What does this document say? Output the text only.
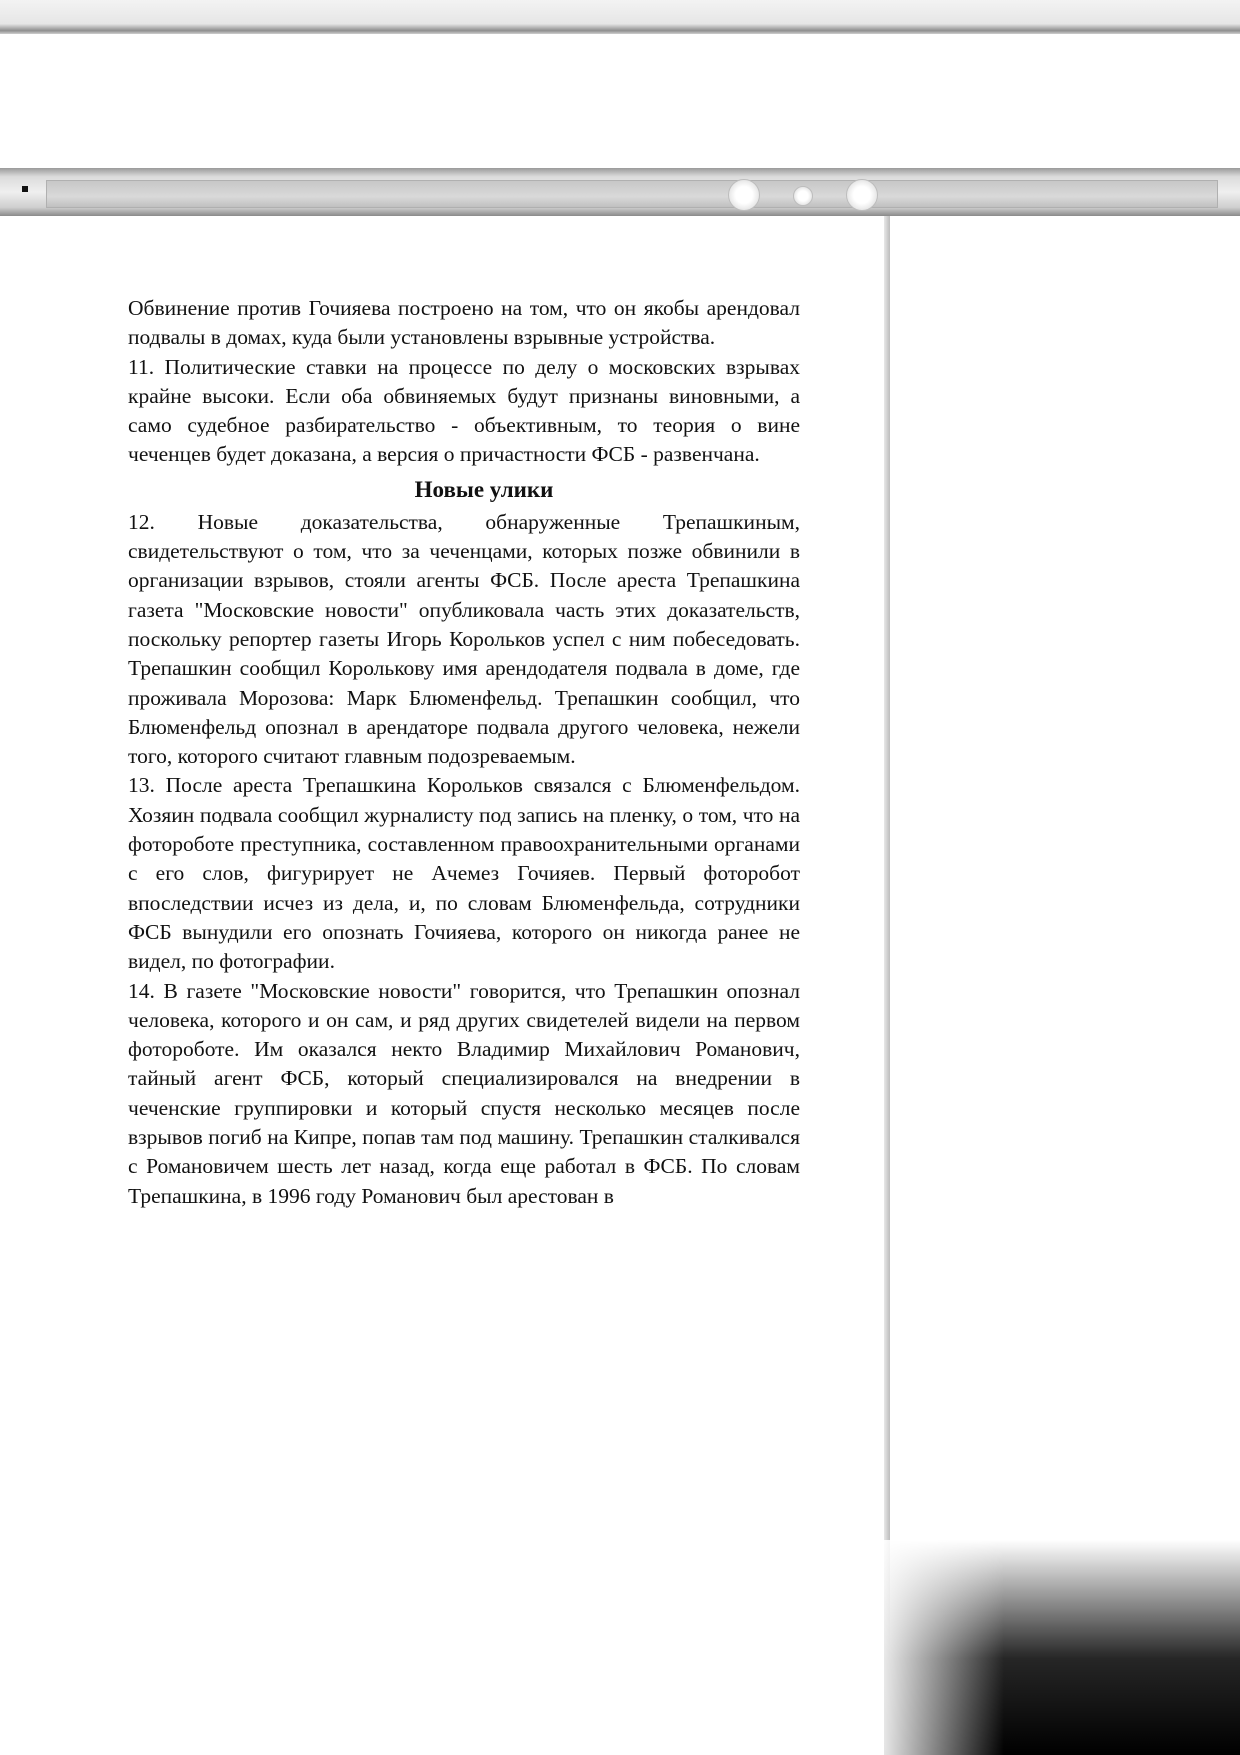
Обвинение против Гочияева построено на том, что он якобы арендовал подвалы в домах, куда были установлены взрывные устройства.

11. Политические ставки на процессе по делу о московских взрывах крайне высоки. Если оба обвиняемых будут признаны виновными, а само судебное разбирательство - объективным, то теория о вине чеченцев будет доказана, а версия о причастности ФСБ - развенчана.

Новые улики

12. Новые доказательства, обнаруженные Трепашкиным, свидетельствуют о том, что за чеченцами, которых позже обвинили в организации взрывов, стояли агенты ФСБ. После ареста Трепашкина газета "Московские новости" опубликовала часть этих доказательств, поскольку репортер газеты Игорь Корольков успел с ним побеседовать. Трепашкин сообщил Королькову имя арендодателя подвала в доме, где проживала Морозова: Марк Блюменфельд. Трепашкин сообщил, что Блюменфельд опознал в арендаторе подвала другого человека, нежели того, которого считают главным подозреваемым.

13. После ареста Трепашкина Корольков связался с Блюменфельдом. Хозяин подвала сообщил журналисту под запись на пленку, о том, что на фоторoботе преступника, составленном правоохранительными органами с его слов, фигурирует не Ачемез Гочияев. Первый фоторобот впоследствии исчез из дела, и, по словам Блюменфельда, сотрудники ФСБ вынудили его опознать Гочияева, которого он никогда ранее не видел, по фотографии.

14. В газете "Московские новости" говорится, что Трепашкин опознал человека, которого и он сам, и ряд других свидетелей видели на первом фотороботе. Им оказался некто Владимир Михайлович Романович, тайный агент ФСБ, который специализировался на внедрении в чеченские группировки и который спустя несколько месяцев после взрывов погиб на Кипре, попав там под машину. Трепашкин сталкивался с Романовичем шесть лет назад, когда еще работал в ФСБ. По словам Трепашкина, в 1996 году Романович был арестован в
